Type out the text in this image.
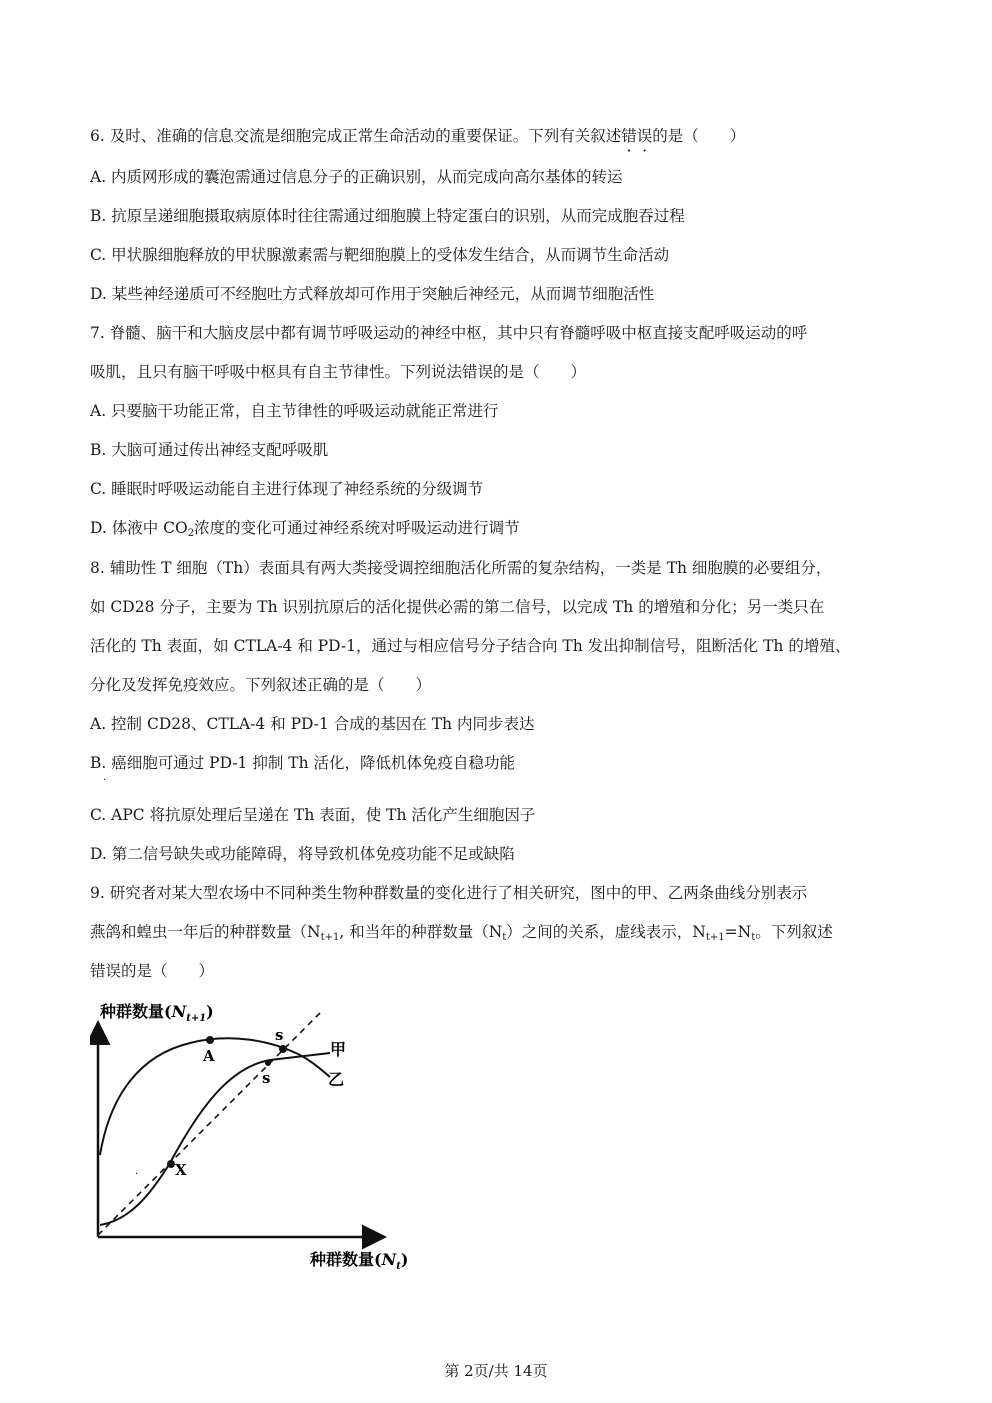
6. 及时、准确的信息交流是细胞完成正常生命活动的重要保证。下列有关叙述错误的是（　　）
A. 内质网形成的囊泡需通过信息分子的正确识别，从而完成向高尔基体的转运
B. 抗原呈递细胞摄取病原体时往往需通过细胞膜上特定蛋白的识别，从而完成胞吞过程
C. 甲状腺细胞释放的甲状腺激素需与靶细胞膜上的受体发生结合，从而调节生命活动
D. 某些神经递质可不经胞吐方式释放却可作用于突触后神经元，从而调节细胞活性
7. 脊髓、脑干和大脑皮层中都有调节呼吸运动的神经中枢，其中只有脊髓呼吸中枢直接支配呼吸运动的呼
吸肌，且只有脑干呼吸中枢具有自主节律性。下列说法错误的是（　　）
A. 只要脑干功能正常，自主节律性的呼吸运动就能正常进行
B. 大脑可通过传出神经支配呼吸肌
C. 睡眠时呼吸运动能自主进行体现了神经系统的分级调节
D. 体液中 $CO_2$浓度的变化可通过神经系统对呼吸运动进行调节
8. 辅助性 T 细胞（Th）表面具有两大类接受调控细胞活化所需的复杂结构，一类是 Th 细胞膜的必要组分，
如 CD28 分子，主要为 Th 识别抗原后的活化提供必需的第二信号，以完成 Th 的增殖和分化；另一类只在
活化的 Th 表面，如 CTLA-4 和 PD-1，通过与相应信号分子结合向 Th 发出抑制信号，阻断活化 Th 的增殖、
分化及发挥免疫效应。下列叙述正确的是（　　）
A. 控制 CD28、CTLA-4 和 PD-1 合成的基因在 Th 内同步表达
B. 癌细胞可通过 PD-1 抑制 Th 活化，降低机体免疫自稳功能
·
C. APC 将抗原处理后呈递在 Th 表面，使 Th 活化产生细胞因子
D. 第二信号缺失或功能障碍，将导致机体免疫功能不足或缺陷
9. 研究者对某大型农场中不同种类生物种群数量的变化进行了相关研究，图中的甲、乙两条曲线分别表示
燕鸽和蝗虫一年后的种群数量（$N_{t+1}$, 和当年的种群数量$(N_t)$之间的关系，虚线表示，$N_{t+1}=N_t$。下列叙述
错误的是（　　）
种群数量$(N_{t+1})$
A
X
s
s
甲
乙
·
种群数量$(N_t)$
第 2页/共 14页
